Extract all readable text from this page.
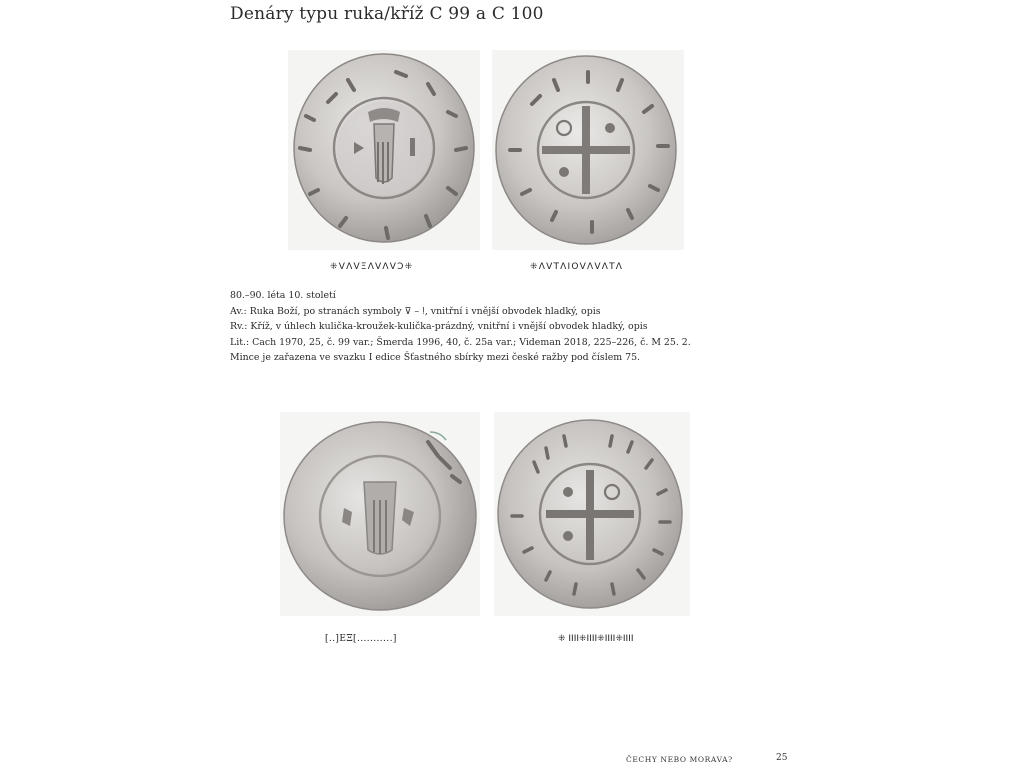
Denáry typu ruka/kříž C 99 a C 100
⁜VΛVΞΛVΛVƆ⁜	⁜ΛVΤΛΙΟVΛVΛΤΛ
80.–90. léta 10. století
Av.: Ruka Boží, po stranách symboly ⊽ – ǃ, vnitřní i vnější obvodek hladký, opis
Rv.: Kříž, v úhlech kulička-kroužek-kulička-prázdný, vnitřní i vnější obvodek hladký, opis
Lit.: Cach 1970, 25, č. 99 var.; Šmerda 1996, 40, č. 25a var.; Videman 2018, 225–226, č. M 25. 2.
Mince je zařazena ve svazku I edice Šťastného sbírky mezi české ražby pod číslem 75.
[..]ΕΞ[...........]	⁜ IIII⁜IIII⁜IIII⁜IIII
ČECHY NEBO MORAVA?	25
